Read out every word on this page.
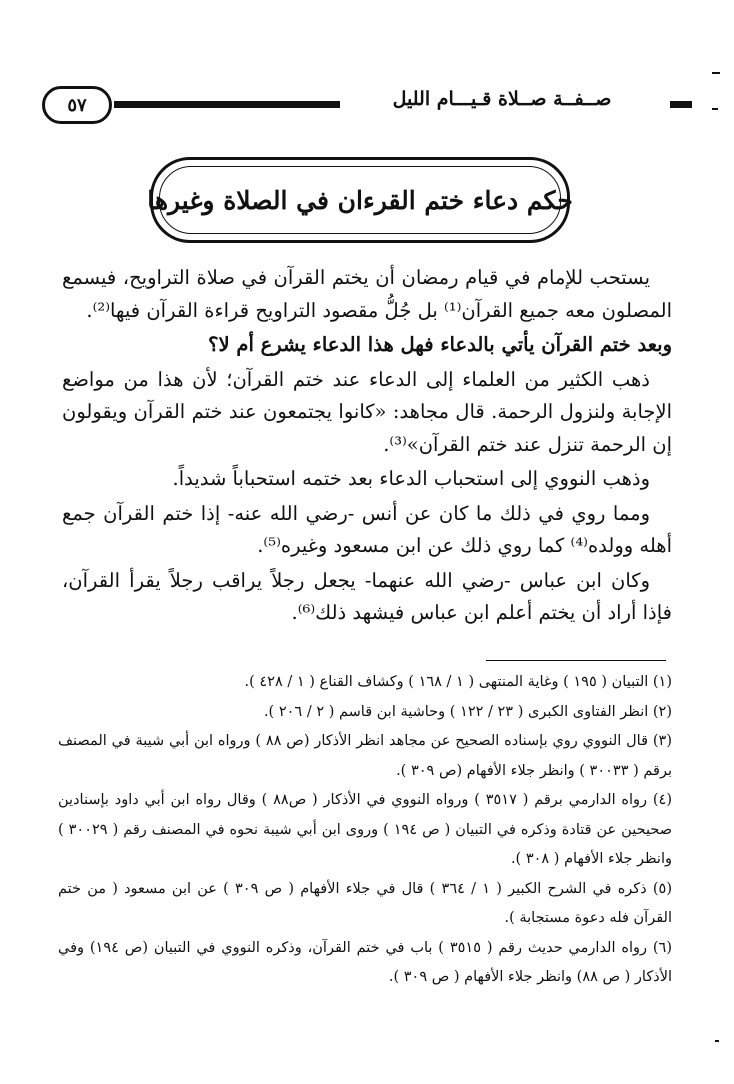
صــفــة صــلاة قـيـــام الليل
٥٧
حكم دعاء ختم القرءان في الصلاة وغيرها

يستحب للإمام في قيام رمضان أن يختم القرآن في صلاة التراويح، فيسمع المصلون معه جميع القرآن⁽¹⁾ بل جُلُّ مقصود التراويح قراءة القرآن فيها⁽²⁾.

وبعد ختم القرآن يأتي بالدعاء فهل هذا الدعاء يشرع أم لا؟

ذهب الكثير من العلماء إلى الدعاء عند ختم القرآن؛ لأن هذا من مواضع الإجابة ولنزول الرحمة. قال مجاهد: «كانوا يجتمعون عند ختم القرآن ويقولون إن الرحمة تنزل عند ختم القرآن»⁽³⁾.

وذهب النووي إلى استحباب الدعاء بعد ختمه استحباباً شديداً.

ومما روي في ذلك ما كان عن أنس -رضي الله عنه- إذا ختم القرآن جمع أهله وولده⁽⁴⁾ كما روي ذلك عن ابن مسعود وغيره⁽⁵⁾.

وكان ابن عباس -رضي الله عنهما- يجعل رجلاً يراقب رجلاً يقرأ القرآن، فإذا أراد أن يختم أعلم ابن عباس فيشهد ذلك⁽⁶⁾.

(١) التبيان ( ١٩٥ ) وغاية المنتهى ( ١ / ١٦٨ ) وكشاف القناع ( ١ / ٤٢٨ ).

(٢) انظر الفتاوى الكبرى ( ٢٣ / ١٢٢ ) وحاشية ابن قاسم ( ٢ / ٢٠٦ ).

(٣) قال النووي روي بإسناده الصحيح عن مجاهد انظر الأذكار (ص ٨٨ ) ورواه ابن أبي شيبة في المصنف برقم ( ٣٠٠٣٣ ) وانظر جلاء الأفهام (ص ٣٠٩ ).

(٤) رواه الدارمي برقم ( ٣٥١٧ ) ورواه النووي في الأذكار ( ص٨٨ ) وقال رواه ابن أبي داود بإسنادين صحيحين عن قتادة وذكره في التبيان ( ص ١٩٤ ) وروى ابن أبي شيبة نحوه في المصنف رقم ( ٣٠٠٢٩ ) وانظر جلاء الأفهام ( ٣٠٨ ).

(٥) ذكره في الشرح الكبير ( ١ / ٣٦٤ ) قال في جلاء الأفهام ( ص ٣٠٩ ) عن ابن مسعود ( من ختم القرآن فله دعوة مستجابة ).

(٦) رواه الدارمي حديث رقم ( ٣٥١٥ ) باب في ختم القرآن، وذكره النووي في التبيان (ص ١٩٤) وفي الأذكار ( ص ٨٨) وانظر جلاء الأفهام ( ص ٣٠٩ ).
